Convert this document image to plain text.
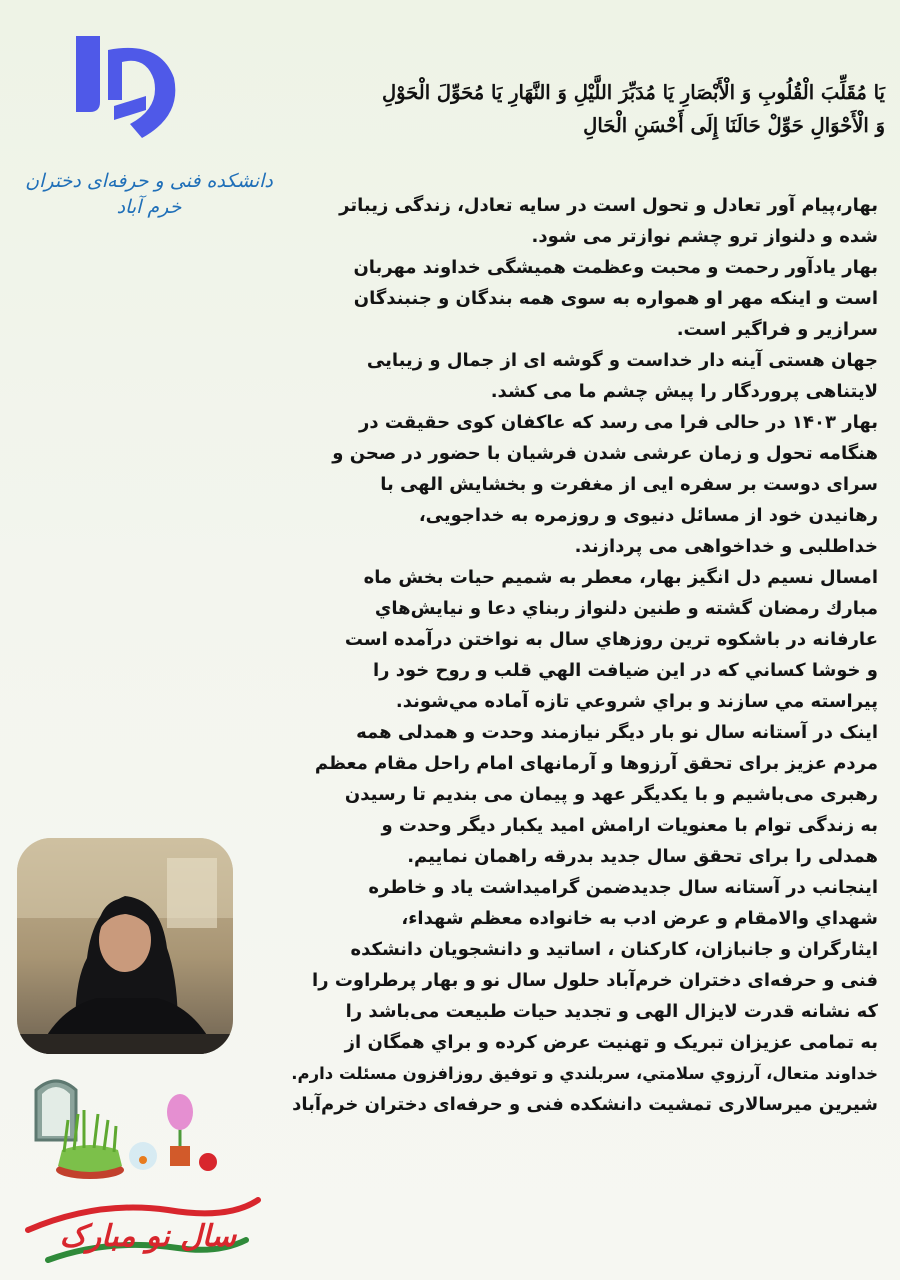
دانشکده فنی و حرفه‌ای دختران خرم آباد
يَا مُقَلِّبَ الْقُلُوبِ وَ الْأَبْصَارِ يَا مُدَبِّرَ اللَّيْلِ وَ النَّهَارِ يَا مُحَوِّلَ الْحَوْلِ
وَ الْأَحْوَالِ حَوِّلْ حَالَنَا إِلَى أَحْسَنِ الْحَالِ
بهار،پیام آور تعادل و تحول است در سایه تعادل، زندگی زیباتر
شده و دلنواز ترو چشم نوازتر می شود.
بهار یادآور رحمت و محبت وعظمت همیشگی خداوند مهربان
است و اینکه مهر او همواره به سوی همه بندگان و جنبندگان
سرازیر و فراگیر است.
جهان هستی آینه دار خداست و گوشه ای از جمال و زیبایی
لایتناهی پروردگار را پیش چشم ما می کشد.
بهار ۱۴۰۳ در حالی فرا می رسد که عاکفان کوی حقیقت در
هنگامه تحول و زمان عرشی شدن فرشیان با حضور در صحن و
سرای دوست بر سفره ایی از مغفرت و بخشایش الهی با
رهانیدن خود از مسائل دنیوی و روزمره به خداجویی،
خداطلبی و خداخواهی می پردازند.
امسال نسیم دل انگیز بهار، معطر به شمیم حیات بخش ماه
مبارك رمضان گشته و طنین دلنواز ربناي دعا و نیایش‌هاي
عارفانه در باشکوه ترین روزهاي سال به نواختن درآمده است
و خوشا کساني که در این ضیافت الهي قلب و روح خود را
پیراسته مي سازند و براي شروعي تازه آماده مي‌شوند.
اینک در آستانه سال نو بار دیگر نیازمند وحدت و همدلی همه
مردم عزیز برای تحقق آرزوها و آرمانهای امام راحل مقام معظم
رهبری می‌باشیم و با یکدیگر عهد و پیمان می بندیم تا رسیدن
به زندگی توام با معنویات ارامش امید یکبار دیگر وحدت و
همدلی را برای تحقق سال جدید بدرقه راهمان نماییم.
اینجانب در آستانه سال جدیدضمن گرامیداشت یاد و خاطره
شهداي والامقام و عرض ادب به خانواده معظم شهداء،
ایثارگران و جانبازان، کارکنان ، اساتید و دانشجویان دانشکده
فنی و حرفه‌ای دختران خرم‌آباد حلول سال نو و بهار پرطراوت را
که نشانه قدرت لایزال الهی و تجدید حیات طبیعت می‌باشد را
به تمامی عزیزان تبریک و تهنیت عرض کرده و براي همگان از
خداوند متعال، آرزوي سلامتي، سربلندي و توفیق روزافزون مسئلت دارم.
شیرین میرسالاری تمشیت دانشکده فنی و حرفه‌ای دختران خرم‌آباد
سال نو مبارک
